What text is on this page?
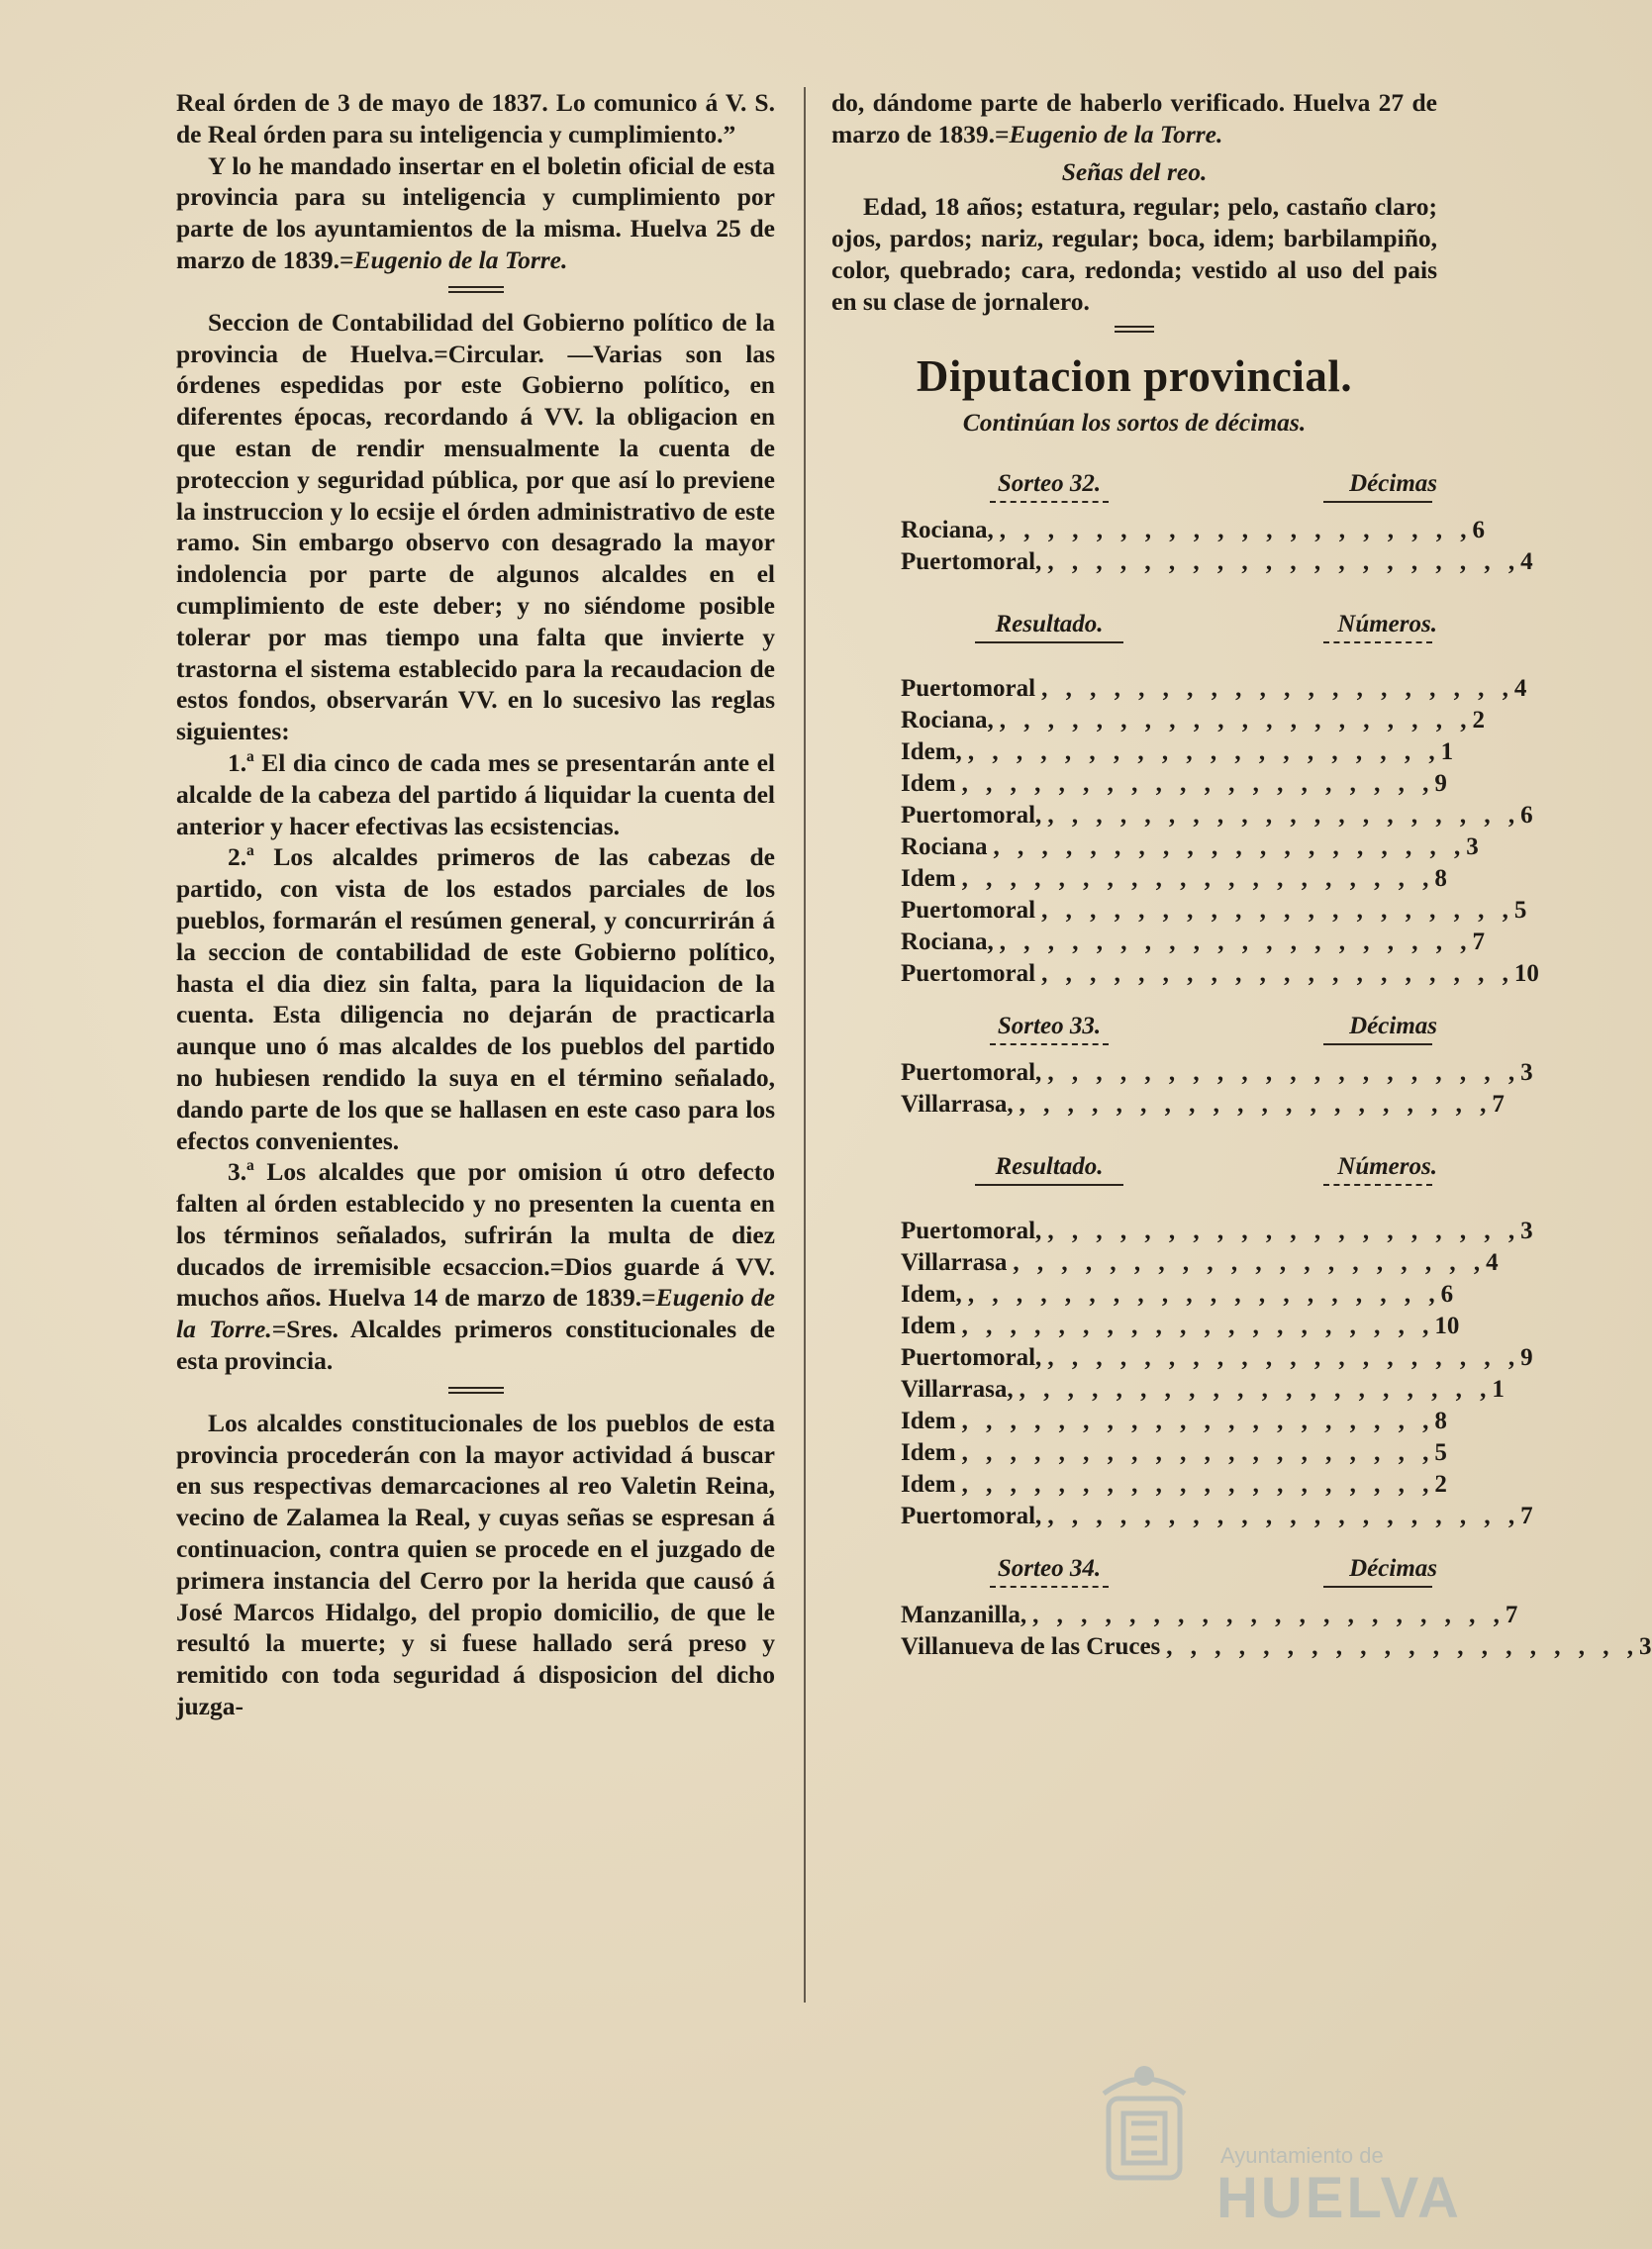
Real órden de 3 de mayo de 1837. Lo comunico á V. S. de Real órden para su inteligencia y cumplimiento.”

Y lo he mandado insertar en el boletin oficial de esta provincia para su inteligencia y cumplimiento por parte de los ayuntamientos de la misma. Huelva 25 de marzo de 1839.=Eugenio de la Torre.

Seccion de Contabilidad del Gobierno político de la provincia de Huelva.=Circular. —Varias son las órdenes espedidas por este Gobierno político, en diferentes épocas, recordando á VV. la obligacion en que estan de rendir mensualmente la cuenta de proteccion y seguridad pública, por que así lo previene la instruccion y lo ecsije el órden administrativo de este ramo. Sin embargo observo con desagrado la mayor indolencia por parte de algunos alcaldes en el cumplimiento de este deber; y no siéndome posible tolerar por mas tiempo una falta que invierte y trastorna el sistema establecido para la recaudacion de estos fondos, observarán VV. en lo sucesivo las reglas siguientes:

1.ª El dia cinco de cada mes se presentarán ante el alcalde de la cabeza del partido á liquidar la cuenta del anterior y hacer efectivas las ecsistencias.

2.ª Los alcaldes primeros de las cabezas de partido, con vista de los estados parciales de los pueblos, formarán el resúmen general, y concurrirán á la seccion de contabilidad de este Gobierno político, hasta el dia diez sin falta, para la liquidacion de la cuenta. Esta diligencia no dejarán de practicarla aunque uno ó mas alcaldes de los pueblos del partido no hubiesen rendido la suya en el término señalado, dando parte de los que se hallasen en este caso para los efectos convenientes.

3.ª Los alcaldes que por omision ú otro defecto falten al órden establecido y no presenten la cuenta en los términos señalados, sufrirán la multa de diez ducados de irremisible ecsaccion.=Dios guarde á VV. muchos años. Huelva 14 de marzo de 1839.=Eugenio de la Torre.=Sres. Alcaldes primeros constitucionales de esta provincia.

Los alcaldes constitucionales de los pueblos de esta provincia procederán con la mayor actividad á buscar en sus respectivas demarcaciones al reo Valetin Reina, vecino de Zalamea la Real, y cuyas señas se espresan á continuacion, contra quien se procede en el juzgado de primera instancia del Cerro por la herida que causó á José Marcos Hidalgo, del propio domicilio, de que le resultó la muerte; y si fuese hallado será preso y remitido con toda seguridad á disposicion del dicho juzga-

do, dándome parte de haberlo verificado. Huelva 27 de marzo de 1839.=Eugenio de la Torre.

Señas del reo.

Edad, 18 años; estatura, regular; pelo, castaño claro; ojos, pardos; nariz, regular; boca, idem; barbilampiño, color, quebrado; cara, redonda; vestido al uso del pais en su clase de jornalero.

Diputacion provincial.
Continúan los sortos de décimas.
Sorteo 32.	Décimas
Rociana, , , , , , , , , , , , , , , , , , , , , 6
Puertomoral, , , , , , , , , , , , , , , , , , , , , 4
Resultado.	Números.
Puertomoral , , , , , , , , , , , , , , , , , , , , 4
Rociana, , , , , , , , , , , , , , , , , , , , , 2
Idem, , , , , , , , , , , , , , , , , , , , , 1
Idem , , , , , , , , , , , , , , , , , , , , 9
Puertomoral, , , , , , , , , , , , , , , , , , , , , 6
Rociana , , , , , , , , , , , , , , , , , , , , 3
Idem , , , , , , , , , , , , , , , , , , , , 8
Puertomoral , , , , , , , , , , , , , , , , , , , , 5
Rociana, , , , , , , , , , , , , , , , , , , , , 7
Puertomoral , , , , , , , , , , , , , , , , , , , , 10
Sorteo 33.	Décimas
Puertomoral, , , , , , , , , , , , , , , , , , , , , 3
Villarrasa, , , , , , , , , , , , , , , , , , , , , 7
Resultado.	Números.
Puertomoral, , , , , , , , , , , , , , , , , , , , , 3
Villarrasa , , , , , , , , , , , , , , , , , , , , 4
Idem, , , , , , , , , , , , , , , , , , , , , 6
Idem , , , , , , , , , , , , , , , , , , , , 10
Puertomoral, , , , , , , , , , , , , , , , , , , , , 9
Villarrasa, , , , , , , , , , , , , , , , , , , , , 1
Idem , , , , , , , , , , , , , , , , , , , , 8
Idem , , , , , , , , , , , , , , , , , , , , 5
Idem , , , , , , , , , , , , , , , , , , , , 2
Puertomoral, , , , , , , , , , , , , , , , , , , , , 7
Sorteo 34.	Décimas
Manzanilla, , , , , , , , , , , , , , , , , , , , , 7
Villanueva de las Cruces , , , , , , , , , , , , , , , , , , , , 3
Ayuntamiento de
HUELVA
